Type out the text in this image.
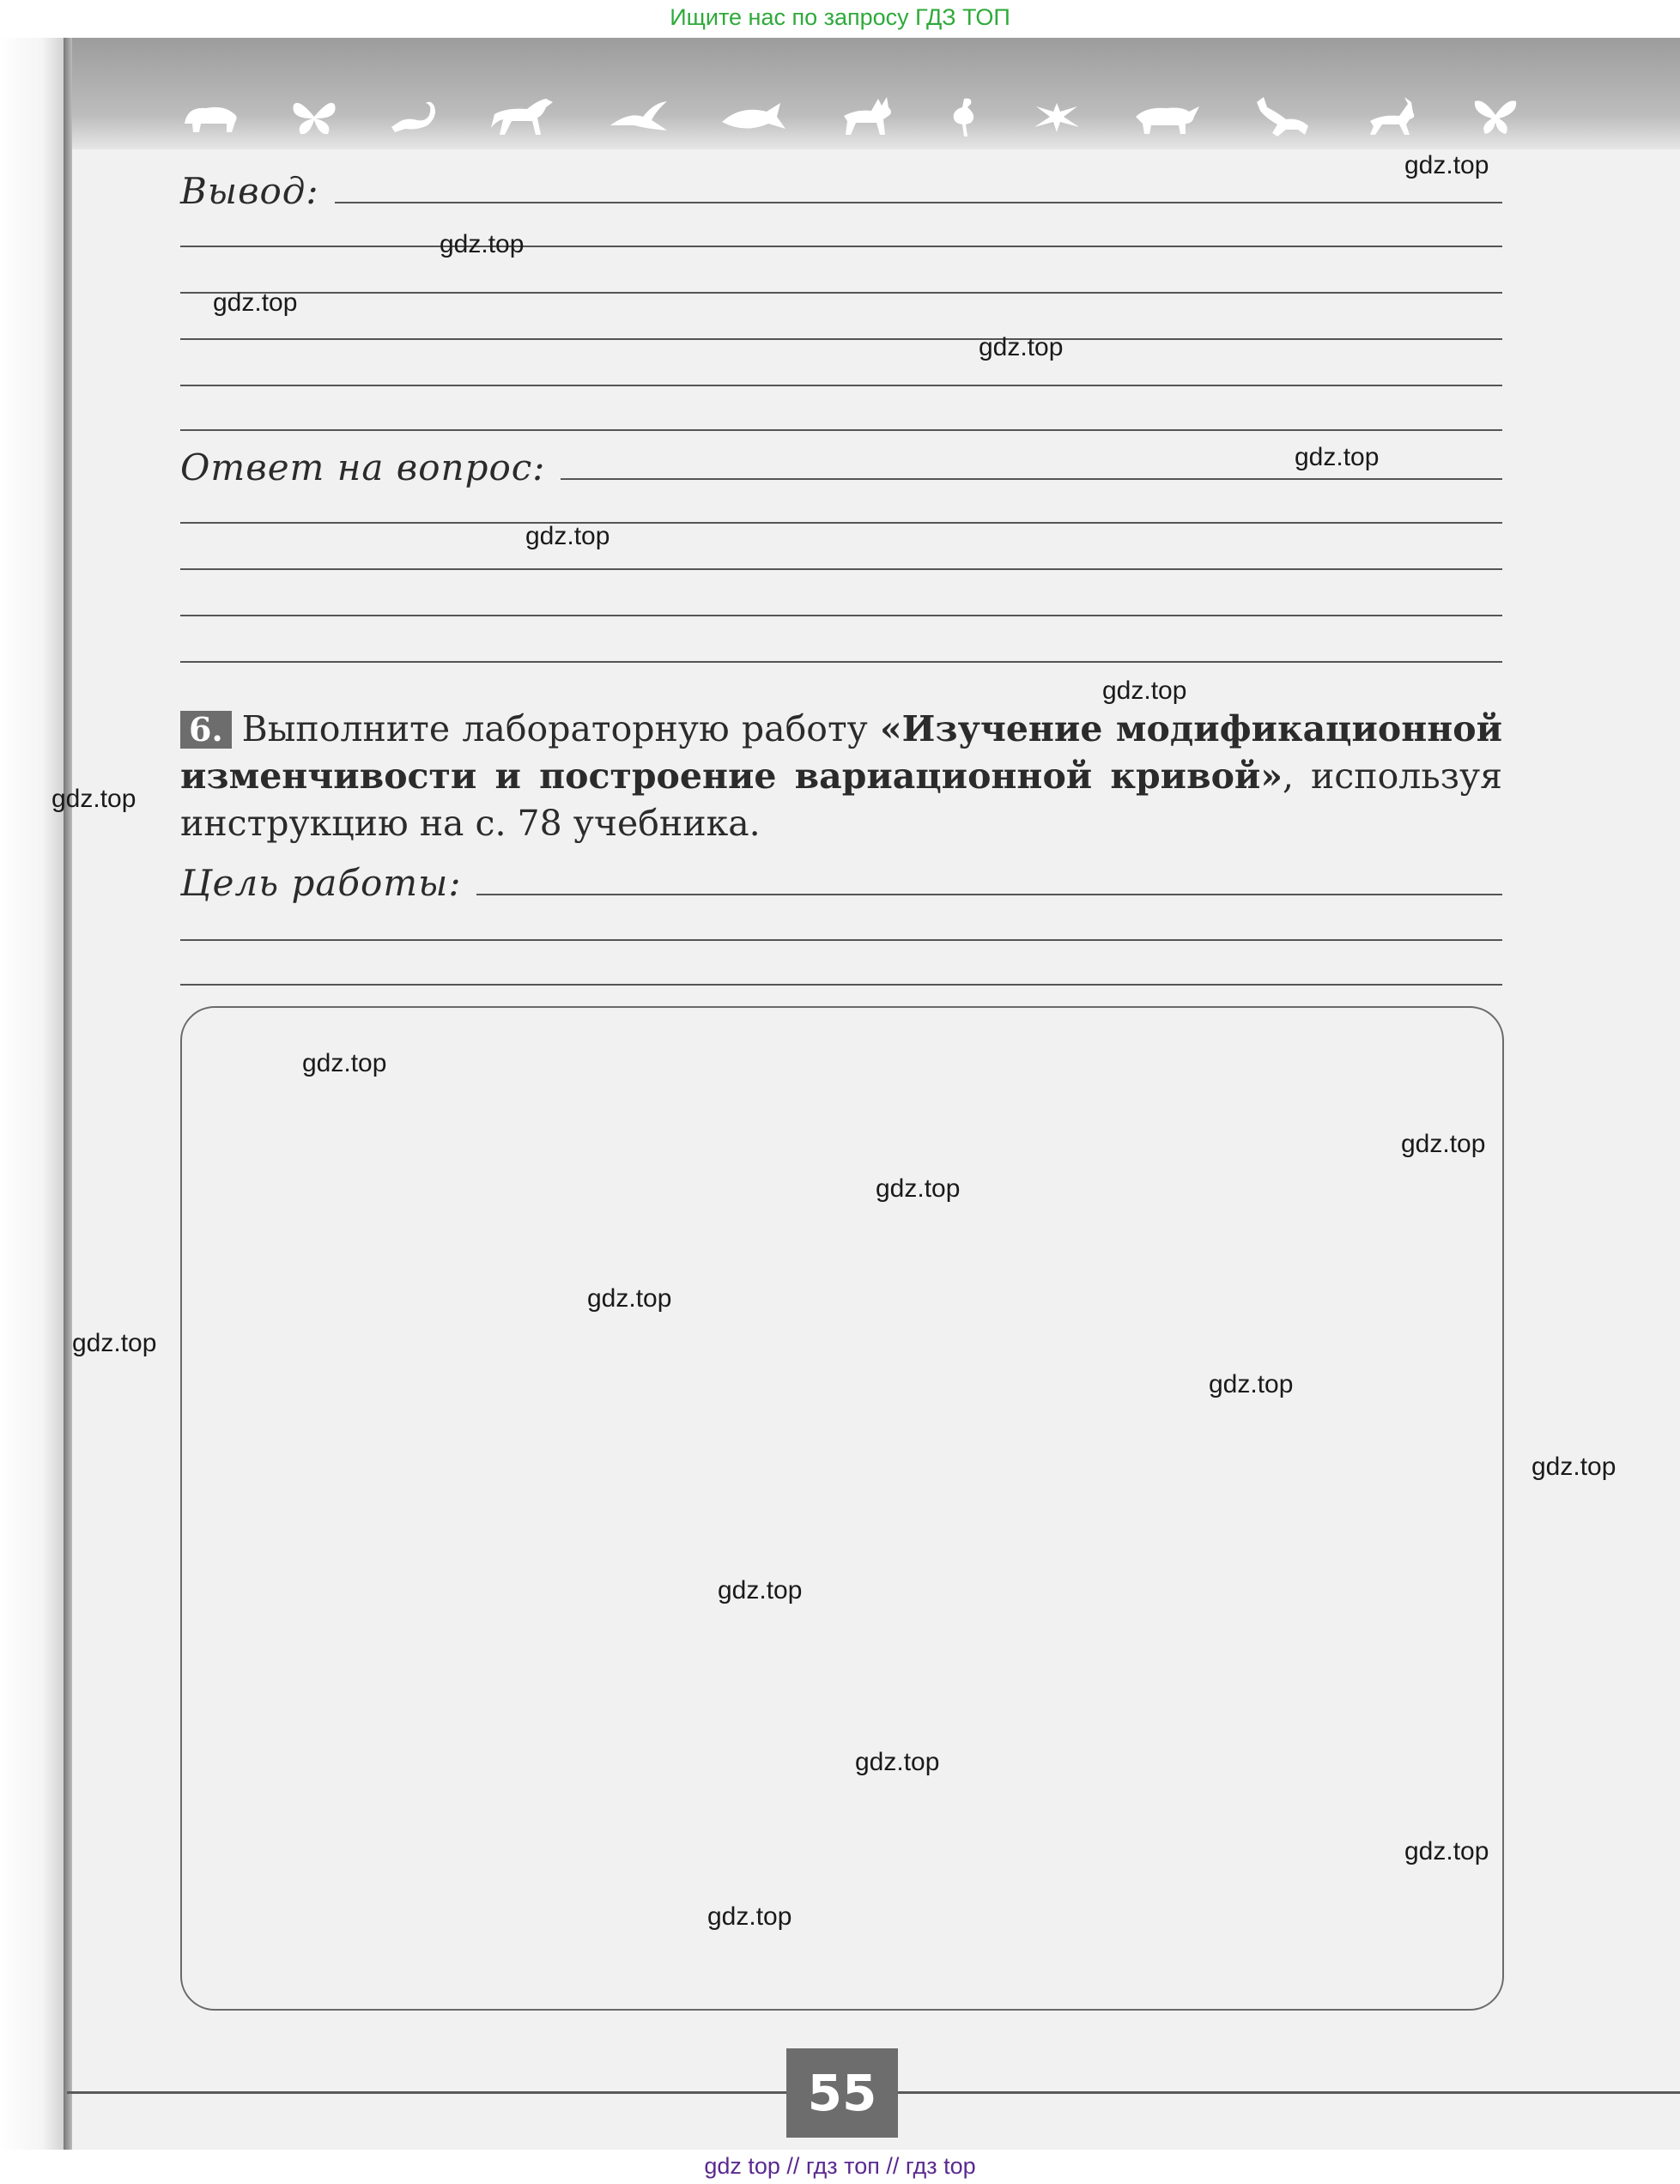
Ищите нас по запросу ГДЗ ТОП
Вывод:
Ответ на вопрос:
6. Выполните лабораторную работу «Изучение модификационной изменчивости и построение вариационной кривой», используя инструкцию на с. 78 учебника.
Цель работы:
55
gdz.top
gdz.top
gdz.top
gdz.top
gdz.top
gdz.top
gdz.top
gdz.top
gdz.top
gdz.top
gdz.top
gdz.top
gdz.top
gdz.top
gdz.top
gdz.top
gdz.top
gdz.top
gdz.top
gdz top // гдз топ // гдз top
